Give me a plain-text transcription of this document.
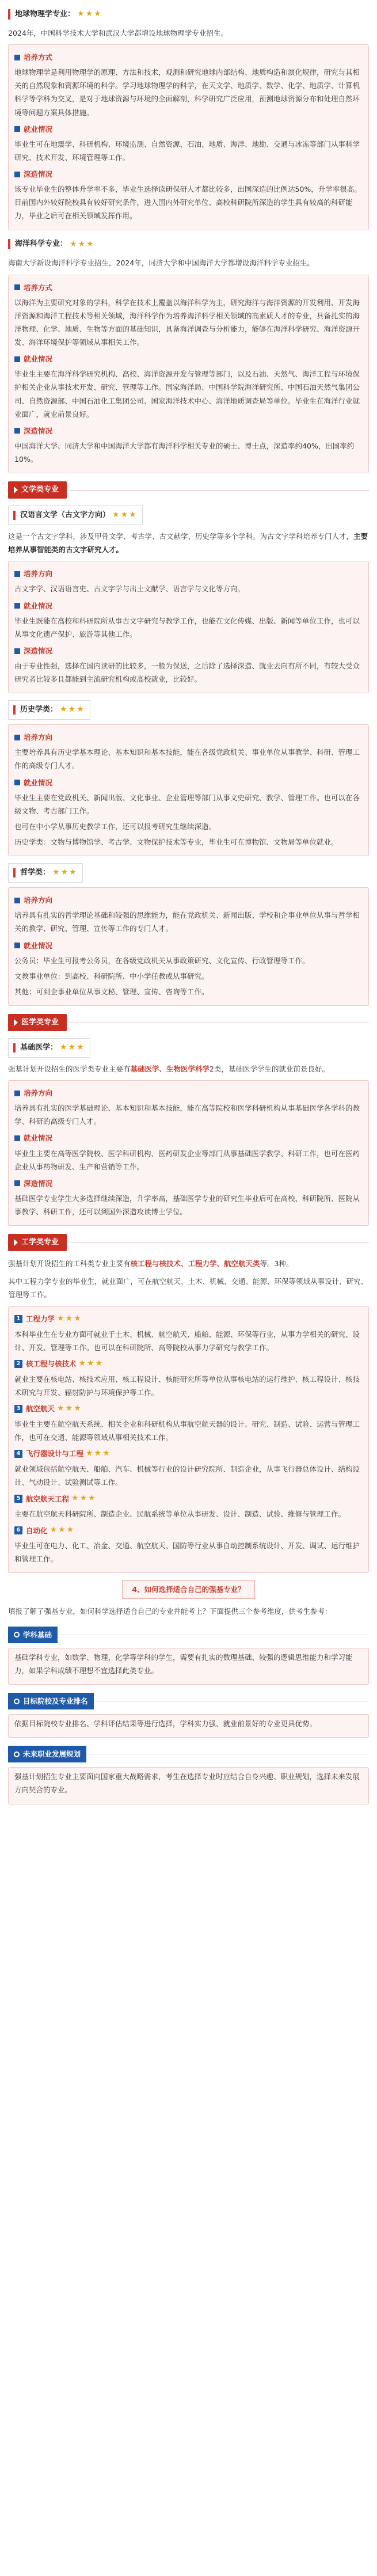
地球物理学专业： ★★★

2024年，中国科学技术大学和武汉大学都增设地球物理学专业招生。

培养方式

地球物理学是利用物理学的原理、方法和技术，观测和研究地球内部结构、地质构造和演化规律，研究与其相关的自然现象和资源环境的科学。学习地球物理学的科学，在天文学、地质学、数学、化学、地质学、计算机科学等学科为交叉，是对于地球资源与环境的全面解剖，科学研究广泛应用，预测地球资源分布和处理自然环境等问题方案具体措施。

就业情况

毕业生可在地震学、科研机构、环境监测、自然资源、石油、地质、海洋、地勘、交通与冰冻等部门从事科学研究、技术开发、环境管理等工作。

深造情况

该专业毕业生的整体升学率不多，毕业生选择读研保研人才都比较多，出国深造的比例达50%，升学率很高。目前国内外较好院校具有较好研究条件，进入国内外研究单位、高校科研院所深造的学生具有较高的科研能力，毕业之后可在相关领域发挥作用。

海洋科学专业： ★★★

海南大学新设海洋科学专业招生，2024年，同济大学和中国海洋大学都增设海洋科学专业招生。

培养方式

以海洋为主要研究对象的学科，科学在技术上覆盖以海洋科学为主，研究海洋与海洋资源的开发利用、开发海洋资源和海洋工程技术等相关领域，海洋科学作为培养海洋科学相关领域的高素质人才的专业，具备扎实的海洋物理、化学、地质、生物等方面的基础知识，具备海洋调查与分析能力，能够在海洋科学研究、海洋资源开发、海洋环境保护等领域从事相关工作。

就业情况

毕业生主要在海洋科学研究机构、高校、海洋资源开发与管理等部门，以及石油、天然气、海洋工程与环境保护相关企业从事技术开发、研究、管理等工作。国家海洋局、中国科学院海洋研究所、中国石油天然气集团公司、自然资源部、中国石油化工集团公司、国家海洋技术中心、海洋地质调查局等单位。毕业生在海洋行业就业面广，就业前景良好。

深造情况

中国海洋大学、同济大学和中国海洋大学都有海洋科学相关专业的硕士、博士点，深造率约40%，出国率约10%。

文学类专业
汉语言文学（古文字方向） ★★★

这是一个古文字学科，涉及甲骨文学、考古学、古文献学、历史学等多个学科。为古文字学科培养专门人才，主要培养从事智能类的古文字研究人才。

培养方向

古文字学、汉语语言史、古文字学与出土文献学、语言学与文化等方向。

就业情况

毕业生既能在高校和科研院所从事古文字研究与教学工作，也能在文化传媒、出版、新闻等单位工作，也可以从事文化遗产保护、旅游等其他工作。

深造情况

由于专业性强，选择在国内读研的比较多，一般为保送，之后除了选择深造、就业去向有所不同，有较大受众研究者比较多且都能到主流研究机构或高校就业，比较好。

历史学类： ★★★
培养方向

主要培养具有历史学基本理论、基本知识和基本技能，能在各级党政机关、事业单位从事教学、科研、管理工作的高级专门人才。

就业情况

毕业生主要在党政机关、新闻出版、文化事业、企业管理等部门从事文史研究、教学、管理工作。也可以在各级文物、考古部门工作。

也可在中小学从事历史教学工作，还可以报考研究生继续深造。

历史学类：文物与博物馆学、考古学、文物保护技术等专业，毕业生可在博物馆、文物局等单位就业。

哲学类： ★★★
培养方向

培养具有扎实的哲学理论基础和较强的思维能力，能在党政机关、新闻出版、学校和企事业单位从事与哲学相关的教学、研究、管理、宣传等工作的专门人才。

就业情况

公务员：毕业生可报考公务员，在各级党政机关从事政策研究、文化宣传、行政管理等工作。

文教事业单位：到高校、科研院所、中小学任教或从事研究。

其他：可到企事业单位从事文秘、管理、宣传、咨询等工作。

医学类专业
基础医学： ★★★

强基计划开设招生的医学类专业主要有基础医学、生物医学科学2类，基础医学学生的就业前景良好。

培养方向

培养具有扎实的医学基础理论、基本知识和基本技能，能在高等院校和医学科研机构从事基础医学各学科的教学、科研的高级专门人才。

就业情况

毕业生主要在高等医学院校、医学科研机构、医药研发企业等部门从事基础医学教学、科研工作，也可在医药企业从事药物研发、生产和营销等工作。

深造情况

基础医学专业学生大多选择继续深造，升学率高，基础医学专业的研究生毕业后可在高校、科研院所、医院从事教学、科研工作，还可以到国外深造攻读博士学位。

工学类专业

强基计划开设招生的工科类专业主要有核工程与核技术、工程力学、航空航天类等。3种。

其中工程力学专业的毕业生，就业面广，可在航空航天、土木、机械、交通、能源、环保等领域从事设计、研究、管理等工作。

1 工程力学 ★★★

本科毕业生在专业方面可就业于土木、机械、航空航天、船舶、能源、环保等行业，从事力学相关的研究、设计、开发、管理等工作。也可以在科研院所、高等院校从事力学研究与教学工作。

2 核工程与核技术 ★★★

就业主要在核电站、核技术应用、核工程设计、核能研究所等单位从事核电站的运行维护、核工程设计、核技术研究与开发、辐射防护与环境保护等工作。

3 航空航天 ★★★

毕业生主要在航空航天系统、相关企业和科研机构从事航空航天器的设计、研究、制造、试验、运营与管理工作，也可在交通、能源等领域从事相关技术工作。

4 飞行器设计与工程 ★★★

就业领域包括航空航天、船舶、汽车、机械等行业的设计研究院所、制造企业，从事飞行器总体设计、结构设计、气动设计、试验测试等工作。

5 航空航天工程 ★★★

主要在航空航天科研院所、制造企业、民航系统等单位从事研发、设计、制造、试验、维修与管理工作。

6 自动化 ★★★

毕业生可在电力、化工、冶金、交通、航空航天、国防等行业从事自动控制系统设计、开发、调试、运行维护和管理工作。

4、如何选择适合自己的强基专业？

填报了解了强基专业，如何科学选择适合自己的专业并能考上？下面提供三个参考维度，供考生参考：

学科基础

基础学科专业，如数学、物理、化学等学科的学生，需要有扎实的数理基础、较强的逻辑思维能力和学习能力，如果学科成绩不理想不宜选择此类专业。

目标院校及专业排名

依据目标院校专业排名、学科评估结果等进行选择，学科实力强、就业前景好的专业更具优势。

未来职业发展规划

强基计划招生专业主要面向国家重大战略需求，考生在选择专业时应结合自身兴趣、职业规划，选择未来发展方向契合的专业。
